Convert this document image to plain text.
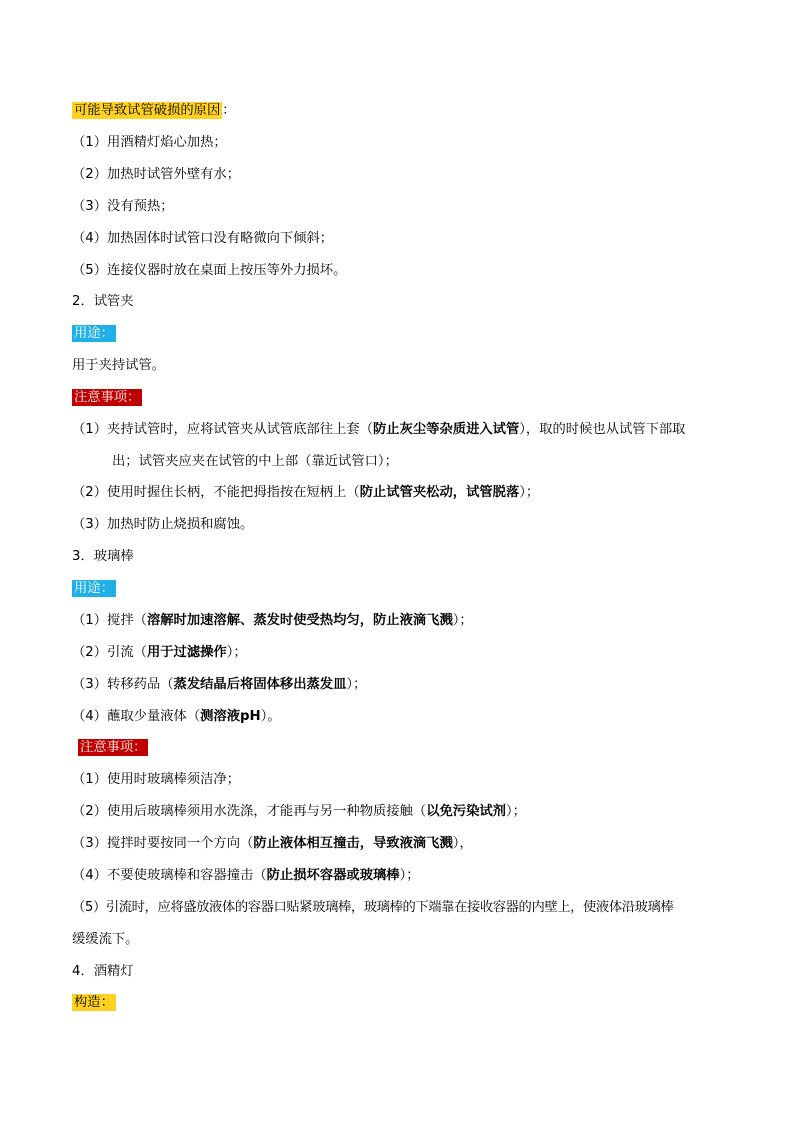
可能导致试管破损的原因 ：
（1）用酒精灯焰心加热；
（2）加热时试管外壁有水；
（3）没有预热；
（4）加热固体时试管口没有略微向下倾斜；
（5）连接仪器时放在桌面上按压等外力损坏。
2．试管夹
用途：
用于夹持试管。
注意事项：
（1）夹持试管时，应将试管夹从试管底部往上套（防止灰尘等杂质进入试管），取的时候也从试管下部取
出；试管夹应夹在试管的中上部（靠近试管口）；
（2）使用时握住长柄，不能把拇指按在短柄上（防止试管夹松动，试管脱落）；
（3）加热时防止烧损和腐蚀。
3．玻璃棒
用途：
（1）搅拌（溶解时加速溶解、蒸发时使受热均匀，防止液滴飞溅）；
（2）引流（用于过滤操作）；
（3）转移药品（蒸发结晶后将固体移出蒸发皿）；
（4）蘸取少量液体（测溶液pH）。
注意事项：
（1）使用时玻璃棒须洁净；
（2）使用后玻璃棒须用水洗涤，才能再与另一种物质接触（以免污染试剂）；
（3）搅拌时要按同一个方向（防止液体相互撞击，导致液滴飞溅），
（4）不要使玻璃棒和容器撞击（防止损坏容器或玻璃棒）；
（5）引流时，应将盛放液体的容器口贴紧玻璃棒，玻璃棒的下端靠在接收容器的内壁上，使液体沿玻璃棒
缓缓流下。
4．酒精灯
构造：
